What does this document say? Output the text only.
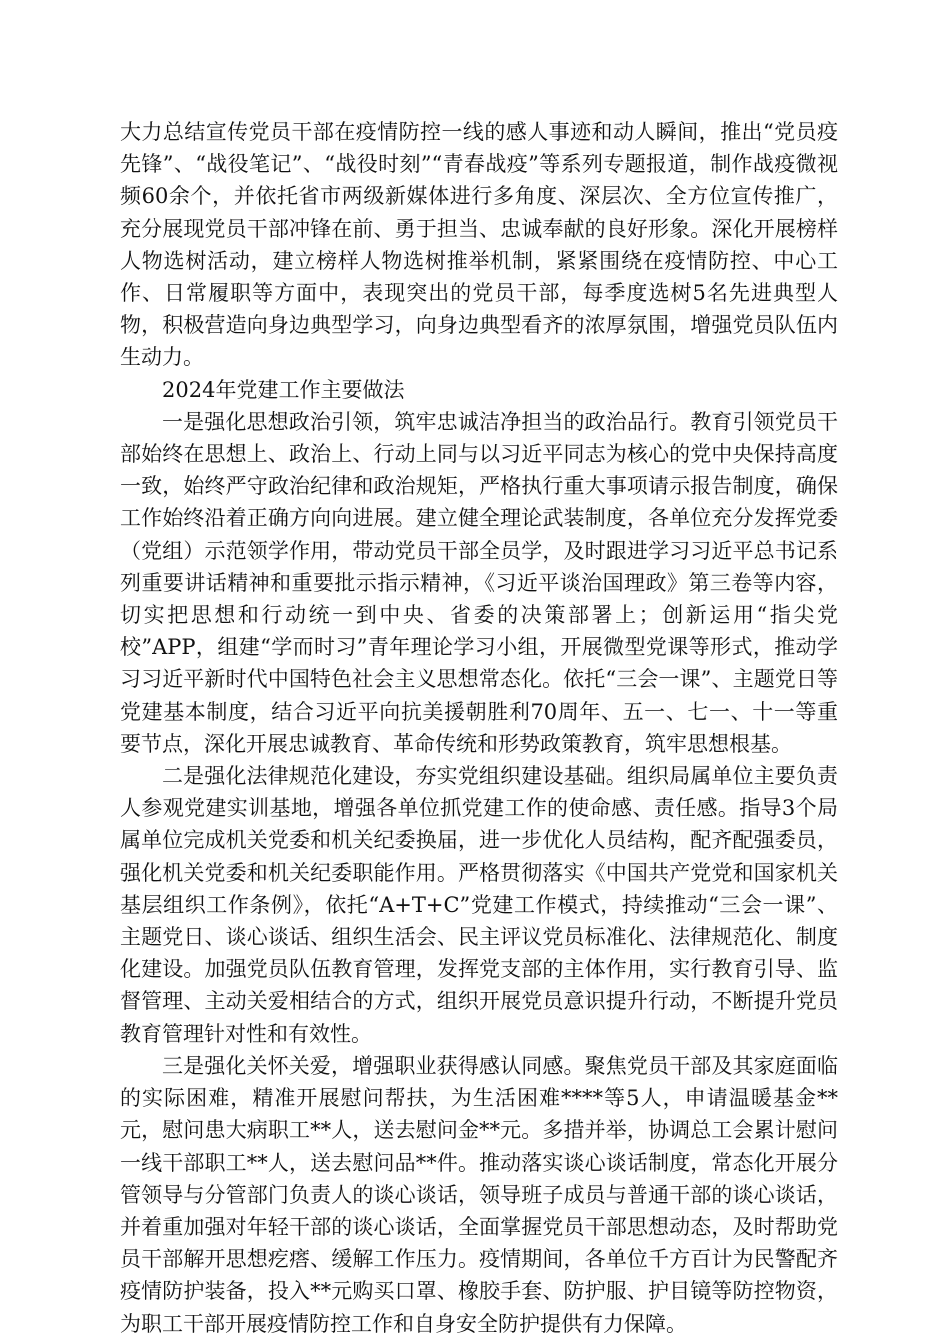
大力总结宣传党员干部在疫情防控一线的感人事迹和动人瞬间，推出“党员疫先锋”、“战役笔记”、“战役时刻”“青春战疫”等系列专题报道，制作战疫微视频60余个，并依托省市两级新媒体进行多角度、深层次、全方位宣传推广，充分展现党员干部冲锋在前、勇于担当、忠诚奉献的良好形象。深化开展榜样人物选树活动，建立榜样人物选树推举机制，紧紧围绕在疫情防控、中心工作、日常履职等方面中，表现突出的党员干部，每季度选树5名先进典型人物，积极营造向身边典型学习，向身边典型看齐的浓厚氛围，增强党员队伍内生动力。

2024年党建工作主要做法

一是强化思想政治引领，筑牢忠诚洁净担当的政治品行。教育引领党员干部始终在思想上、政治上、行动上同与以习近平同志为核心的党中央保持高度一致，始终严守政治纪律和政治规矩，严格执行重大事项请示报告制度，确保工作始终沿着正确方向向进展。建立健全理论武装制度，各单位充分发挥党委（党组）示范领学作用，带动党员干部全员学，及时跟进学习习近平总书记系列重要讲话精神和重要批示指示精神，《习近平谈治国理政》第三卷等内容，切实把思想和行动统一到中央、省委的决策部署上；创新运用“指尖党校”APP，组建“学而时习”青年理论学习小组，开展微型党课等形式，推动学习习近平新时代中国特色社会主义思想常态化。依托“三会一课”、主题党日等党建基本制度，结合习近平向抗美援朝胜利70周年、五一、七一、十一等重要节点，深化开展忠诚教育、革命传统和形势政策教育，筑牢思想根基。

二是强化法律规范化建设，夯实党组织建设基础。组织局属单位主要负责人参观党建实训基地，增强各单位抓党建工作的使命感、责任感。指导3个局属单位完成机关党委和机关纪委换届，进一步优化人员结构，配齐配强委员，强化机关党委和机关纪委职能作用。严格贯彻落实《中国共产党党和国家机关基层组织工作条例》，依托“A+T+C”党建工作模式，持续推动“三会一课”、主题党日、谈心谈话、组织生活会、民主评议党员标准化、法律规范化、制度化建设。加强党员队伍教育管理，发挥党支部的主体作用，实行教育引导、监督管理、主动关爱相结合的方式，组织开展党员意识提升行动，不断提升党员教育管理针对性和有效性。

三是强化关怀关爱，增强职业获得感认同感。聚焦党员干部及其家庭面临的实际困难，精准开展慰问帮扶，为生活困难****等5人，申请温暖基金**元，慰问患大病职工**人，送去慰问金**元。多措并举，协调总工会累计慰问一线干部职工**人，送去慰问品**件。推动落实谈心谈话制度，常态化开展分管领导与分管部门负责人的谈心谈话，领导班子成员与普通干部的谈心谈话，并着重加强对年轻干部的谈心谈话，全面掌握党员干部思想动态，及时帮助党员干部解开思想疙瘩、缓解工作压力。疫情期间，各单位千方百计为民警配齐疫情防护装备，投入**元购买口罩、橡胶手套、防护服、护目镜等防控物资，为职工干部开展疫情防控工作和自身安全防护提供有力保障。
